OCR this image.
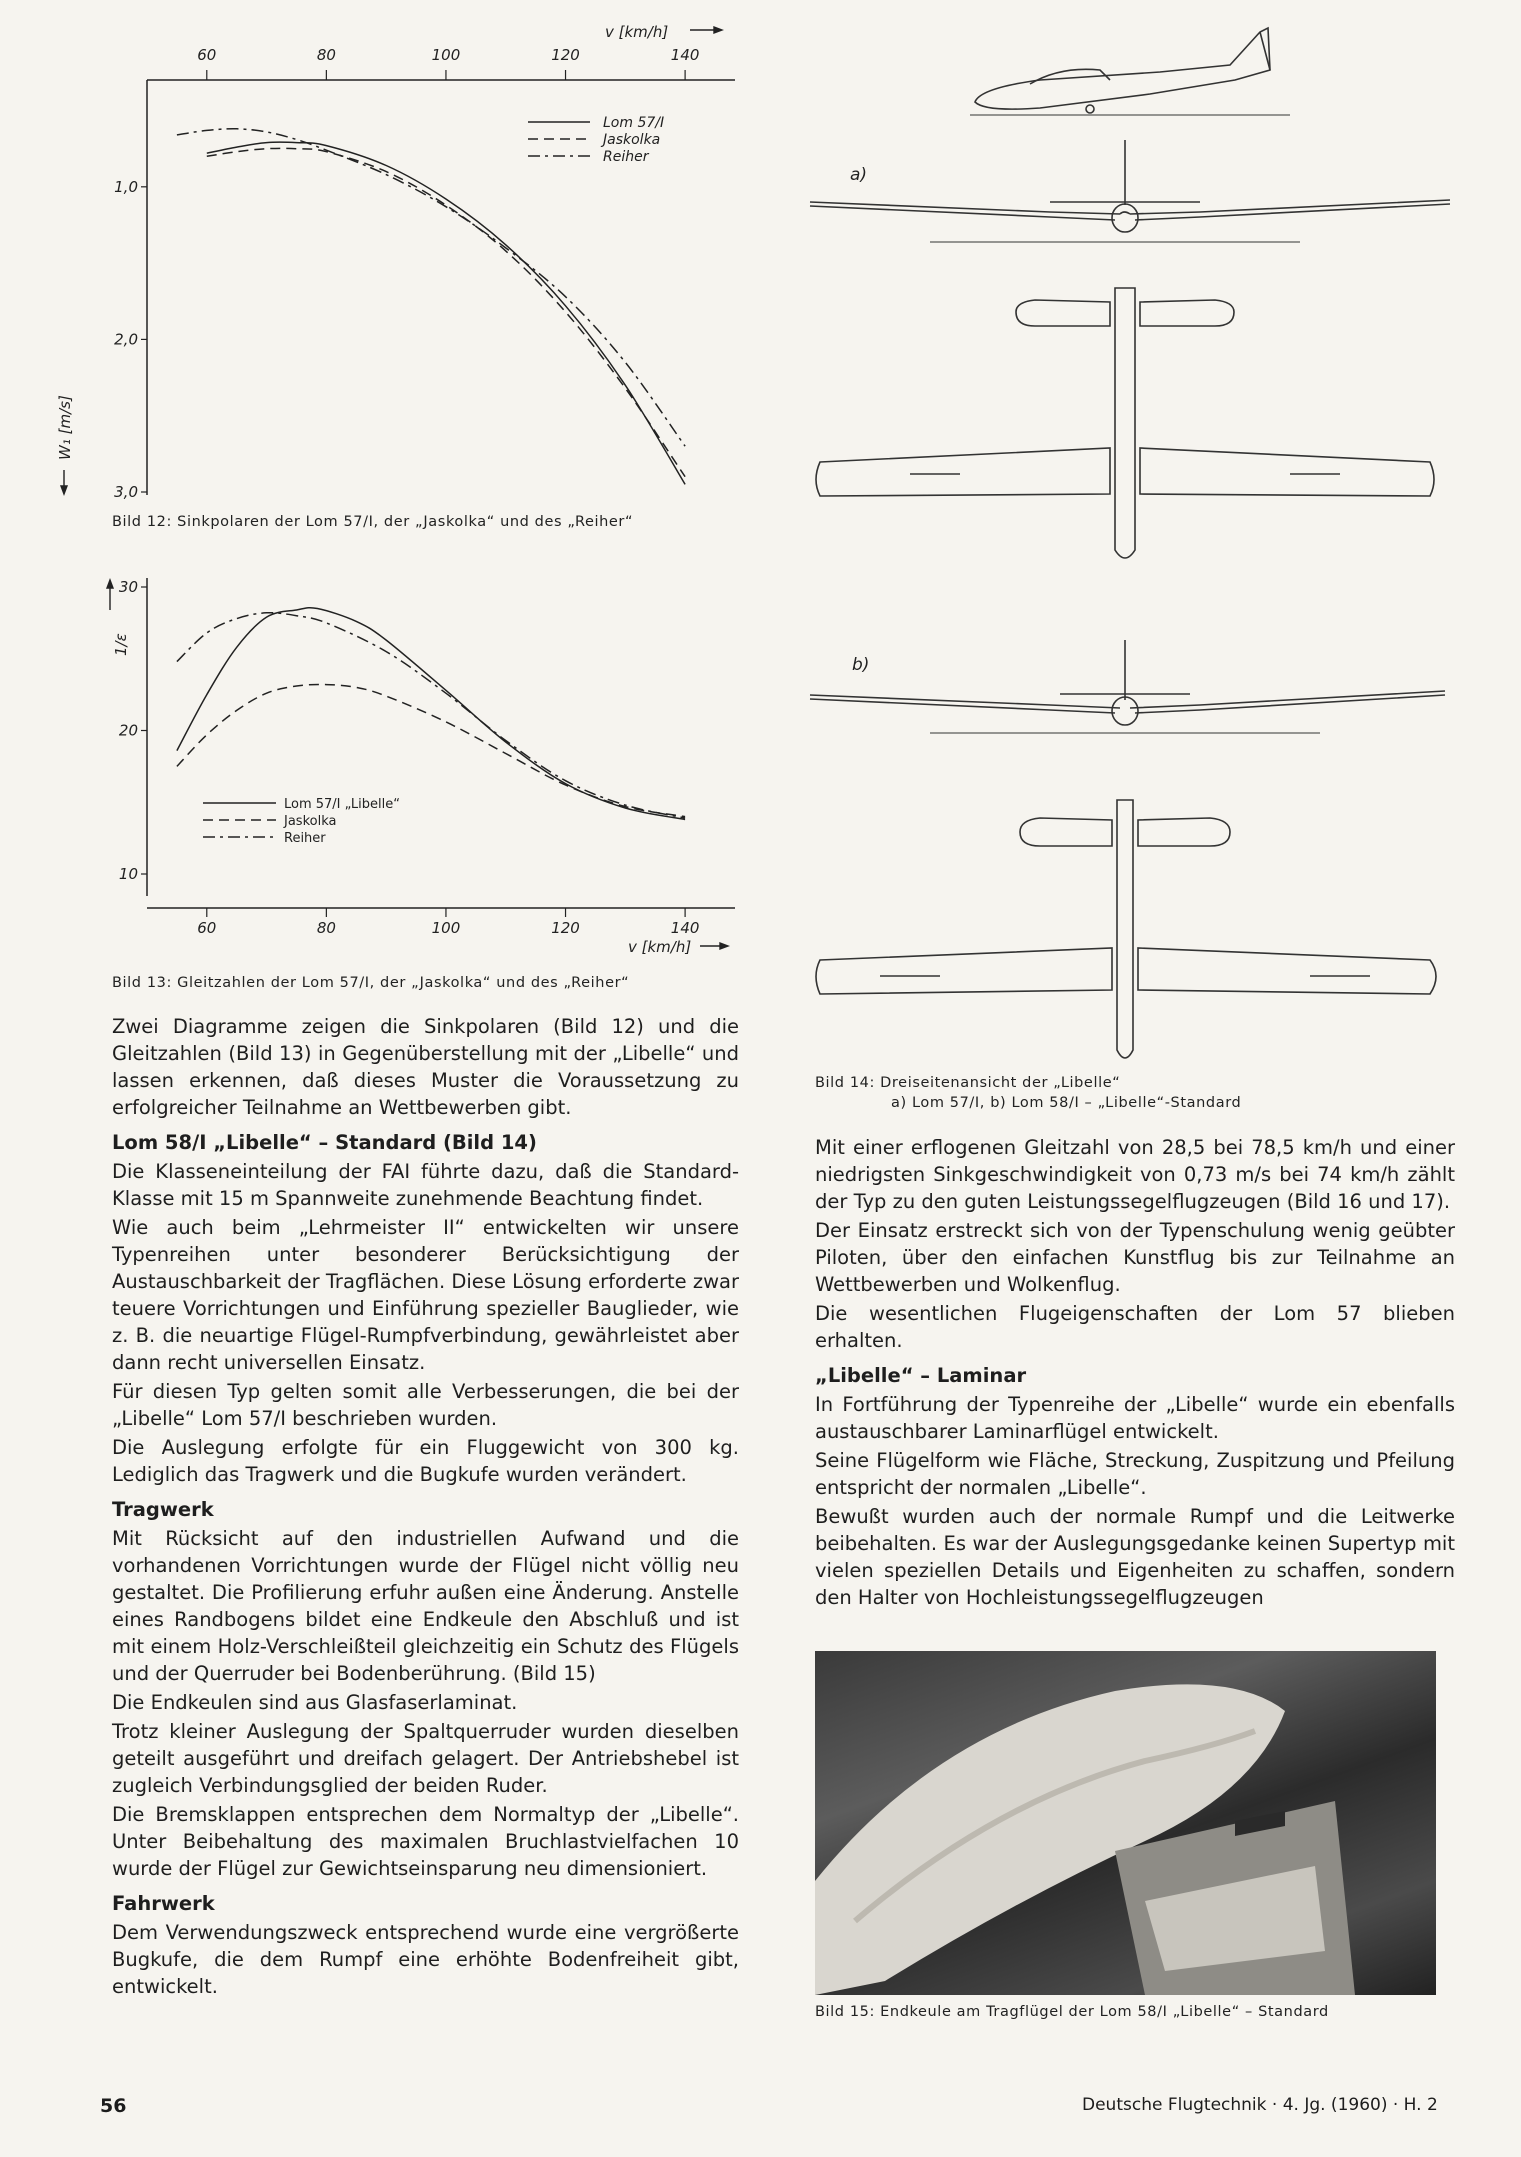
60	80	100	120	140
1,0
2,0
3,0
v [km/h]
W₁ [m/s]
Lom 57/I
Jaskolka
Reiher
Bild 12: Sinkpolaren der Lom 57/I, der „Jaskolka“ und des „Reiher“
60	80	100	120	140
30
20
10
v [km/h]
1/ε
Lom 57/I „Libelle“
Jaskolka
Reiher
Bild 13: Gleitzahlen der Lom 57/I, der „Jaskolka“ und des „Reiher“
a)
b)
Bild 14: Dreiseitenansicht der „Libelle“
a) Lom 57/I, b) Lom 58/I – „Libelle“-Standard

Zwei Diagramme zeigen die Sinkpolaren (Bild 12) und die Gleitzahlen (Bild 13) in Gegenüberstellung mit der „Libelle“ und lassen erkennen, daß dieses Muster die Voraussetzung zu erfolgreicher Teilnahme an Wettbewerben gibt.

Lom 58/I „Libelle“ – Standard (Bild 14)

Die Klasseneinteilung der FAI führte dazu, daß die Standard-Klasse mit 15 m Spannweite zunehmende Beachtung findet.

Wie auch beim „Lehrmeister II“ entwickelten wir unsere Typenreihen unter besonderer Berücksichtigung der Austauschbarkeit der Tragflächen. Diese Lösung erforderte zwar teuere Vorrichtungen und Einführung spezieller Bauglieder, wie z. B. die neuartige Flügel-Rumpfverbindung, gewährleistet aber dann recht universellen Einsatz.

Für diesen Typ gelten somit alle Verbesserungen, die bei der „Libelle“ Lom 57/I beschrieben wurden.

Die Auslegung erfolgte für ein Fluggewicht von 300 kg. Lediglich das Tragwerk und die Bugkufe wurden verändert.

Tragwerk

Mit Rücksicht auf den industriellen Aufwand und die vorhandenen Vorrichtungen wurde der Flügel nicht völlig neu gestaltet. Die Profilierung erfuhr außen eine Änderung. Anstelle eines Randbogens bildet eine Endkeule den Abschluß und ist mit einem Holz-Verschleißteil gleichzeitig ein Schutz des Flügels und der Querruder bei Bodenberührung. (Bild 15)

Die Endkeulen sind aus Glasfaserlaminat.

Trotz kleiner Auslegung der Spaltquerruder wurden dieselben geteilt ausgeführt und dreifach gelagert. Der Antriebshebel ist zugleich Verbindungsglied der beiden Ruder.

Die Bremsklappen entsprechen dem Normaltyp der „Libelle“. Unter Beibehaltung des maximalen Bruchlastvielfachen 10 wurde der Flügel zur Gewichtseinsparung neu dimensioniert.

Fahrwerk

Dem Verwendungszweck entsprechend wurde eine vergrößerte Bugkufe, die dem Rumpf eine erhöhte Bodenfreiheit gibt, entwickelt.

Mit einer erflogenen Gleitzahl von 28,5 bei 78,5 km/h und einer niedrigsten Sinkgeschwindigkeit von 0,73 m/s bei 74 km/h zählt der Typ zu den guten Leistungssegelflugzeugen (Bild 16 und 17).

Der Einsatz erstreckt sich von der Typenschulung wenig geübter Piloten, über den einfachen Kunstflug bis zur Teilnahme an Wettbewerben und Wolkenflug.

Die wesentlichen Flugeigenschaften der Lom 57 blieben erhalten.

„Libelle“ – Laminar

In Fortführung der Typenreihe der „Libelle“ wurde ein ebenfalls austauschbarer Laminarflügel entwickelt.

Seine Flügelform wie Fläche, Streckung, Zuspitzung und Pfeilung entspricht der normalen „Libelle“.

Bewußt wurden auch der normale Rumpf und die Leitwerke beibehalten. Es war der Auslegungsgedanke keinen Supertyp mit vielen speziellen Details und Eigenheiten zu schaffen, sondern den Halter von Hochleistungssegelflugzeugen

Bild 15: Endkeule am Tragflügel der Lom 58/I „Libelle“ – Standard
56	Deutsche Flugtechnik · 4. Jg. (1960) · H. 2
